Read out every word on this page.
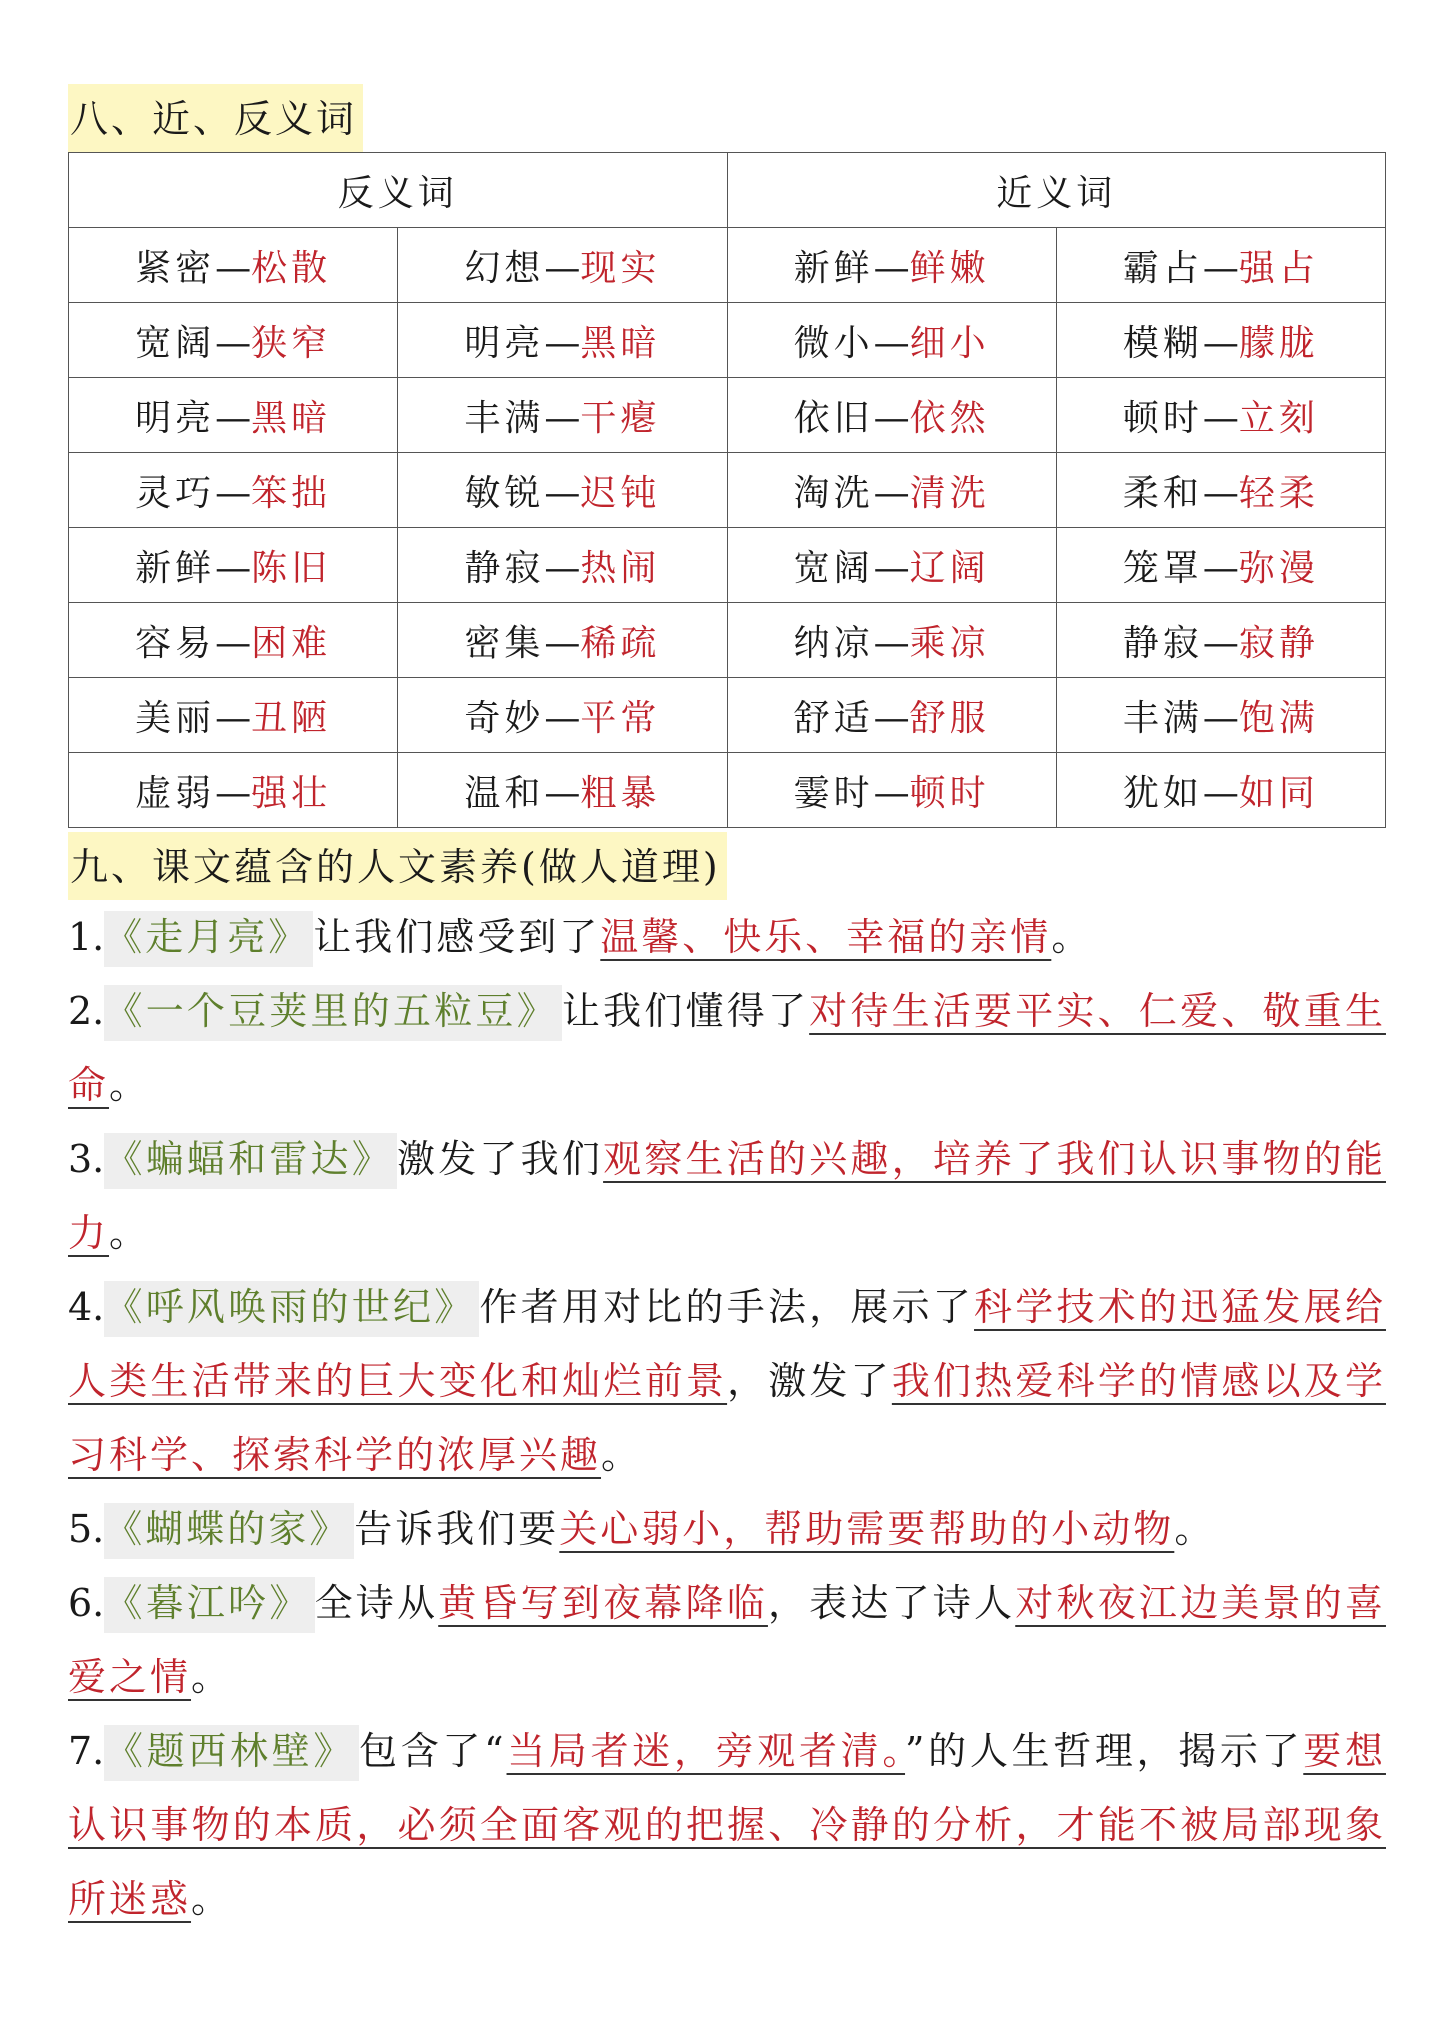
八、近、反义词
反义词		近义词	
紧密—松散	幻想—现实	新鲜—鲜嫩	霸占—强占
宽阔—狭窄	明亮—黑暗	微小—细小	模糊—朦胧
明亮—黑暗	丰满—干瘪	依旧—依然	顿时—立刻
灵巧—笨拙	敏锐—迟钝	淘洗—清洗	柔和—轻柔
新鲜—陈旧	静寂—热闹	宽阔—辽阔	笼罩—弥漫
容易—困难	密集—稀疏	纳凉—乘凉	静寂—寂静
美丽—丑陋	奇妙—平常	舒适—舒服	丰满—饱满
虚弱—强壮	温和—粗暴	霎时—顿时	犹如—如同
九、课文蕴含的人文素养(做人道理)
1.《走月亮》 让我们感受到了温馨、快乐、幸福的亲情。
2.《一个豆荚里的五粒豆》 让我们懂得了对待生活要平实、仁爱、敬重生命。
3.《蝙蝠和雷达》 激发了我们观察生活的兴趣，培养了我们认识事物的能力。
4.《呼风唤雨的世纪》 作者用对比的手法，展示了科学技术的迅猛发展给人类生活带来的巨大变化和灿烂前景，激发了我们热爱科学的情感以及学习科学、探索科学的浓厚兴趣。
5.《蝴蝶的家》 告诉我们要关心弱小，帮助需要帮助的小动物。
6.《暮江吟》 全诗从黄昏写到夜幕降临，表达了诗人对秋夜江边美景的喜爱之情。
7.《题西林壁》 包含了“当局者迷，旁观者清。”的人生哲理，揭示了要想认识事物的本质，必须全面客观的把握、冷静的分析，才能不被局部现象所迷惑。
